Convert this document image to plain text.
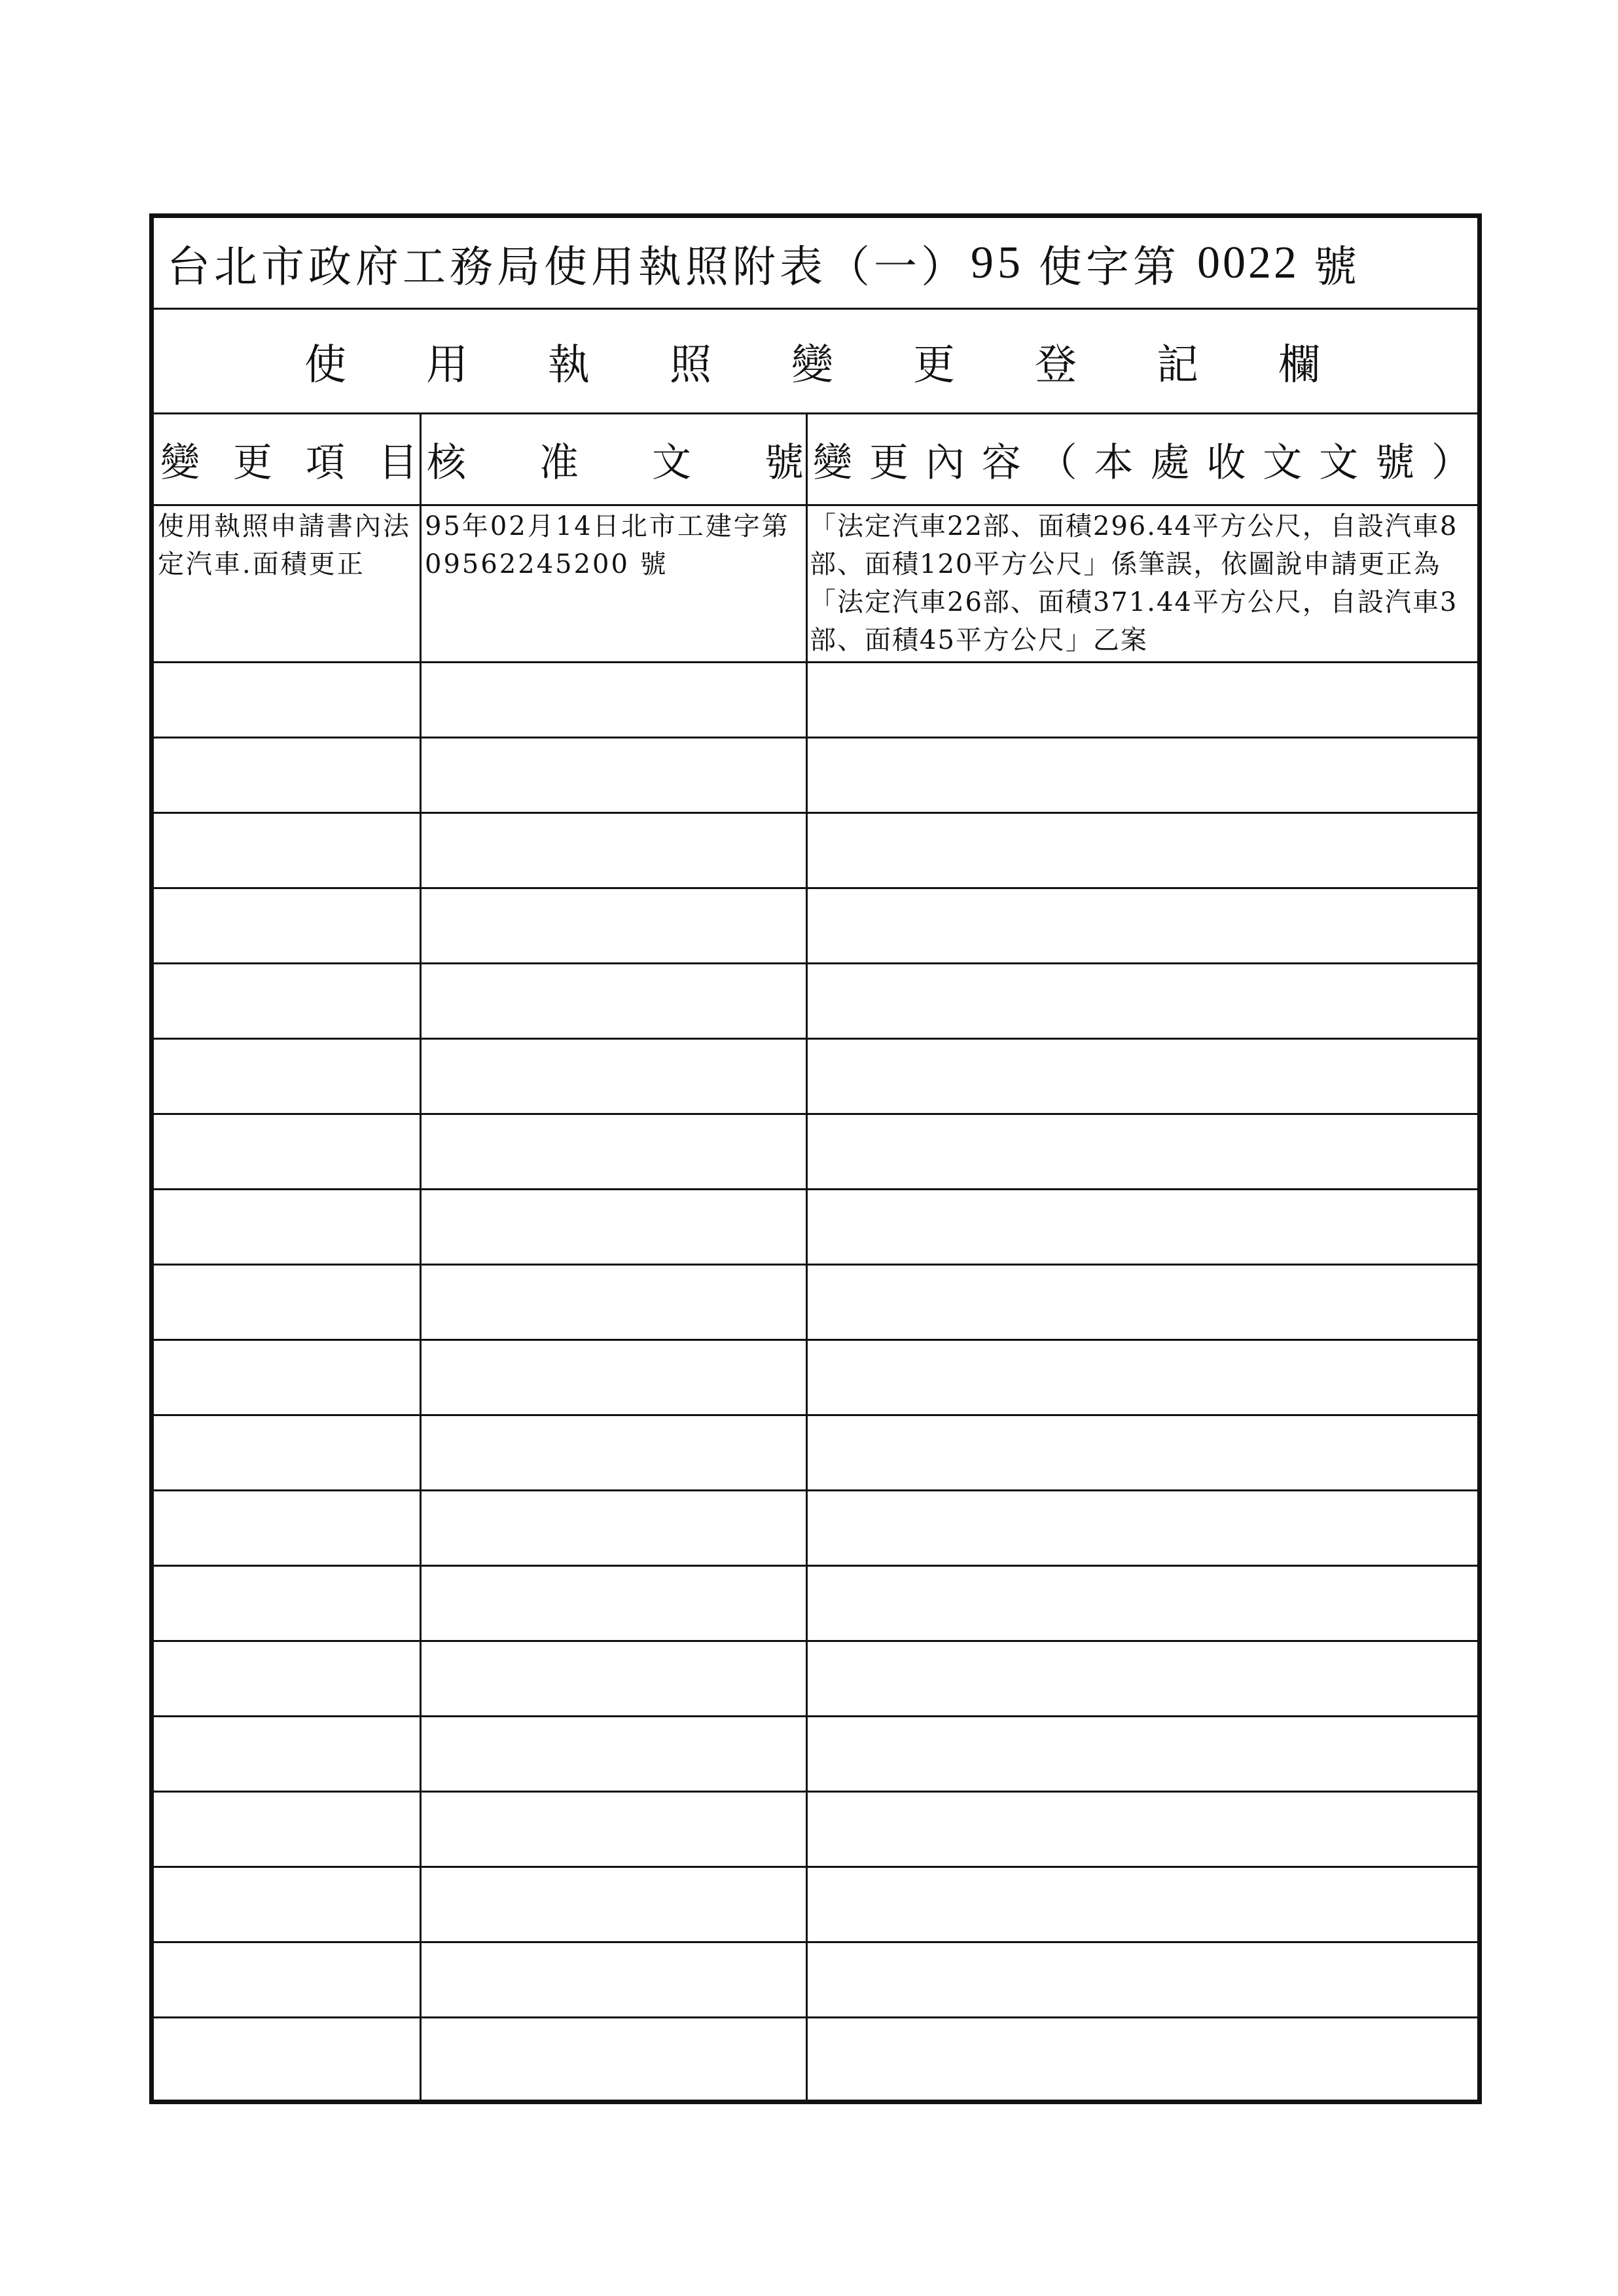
台北市政府工務局使用執照附表（一） 95 使字第 0022 號
使 用 執 照 變 更 登 記 欄
變 更 項 目 核 准 文 號 變 更 內 容 （ 本 處 收 文 文 號 ）
使用執照申請書內法定汽車.面積更正
95年02月14日北市工建字第 09562245200 號
「法定汽車22部、面積296.44平方公尺，自設汽車8部、面積120平方公尺」係筆誤，依圖說申請更正為「法定汽車26部、面積371.44平方公尺，自設汽車3部、面積45平方公尺」乙案
